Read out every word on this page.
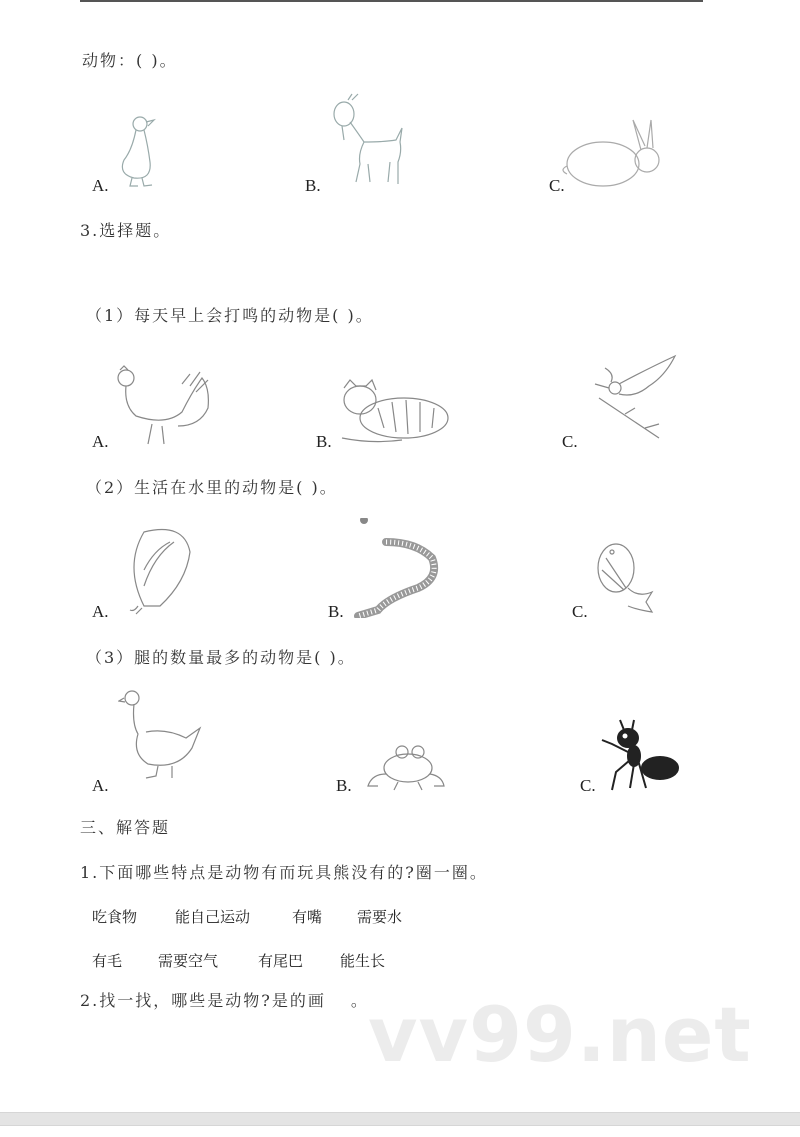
动物：( )。
A.	B.	C.
3.选择题。
（1）每天早上会打鸣的动物是( )。
A.	B.	C.
（2）生活在水里的动物是( )。
A.	B.	C.
（3）腿的数量最多的动物是( )。
A.	B.	C.
三、解答题
1.下面哪些特点是动物有而玩具熊没有的?圈一圈。
吃食物	能自己运动	有嘴 需要水
有毛 需要空气	有尾巴 能生长
2.找一找，哪些是动物?是的画　 。 vv99.net
